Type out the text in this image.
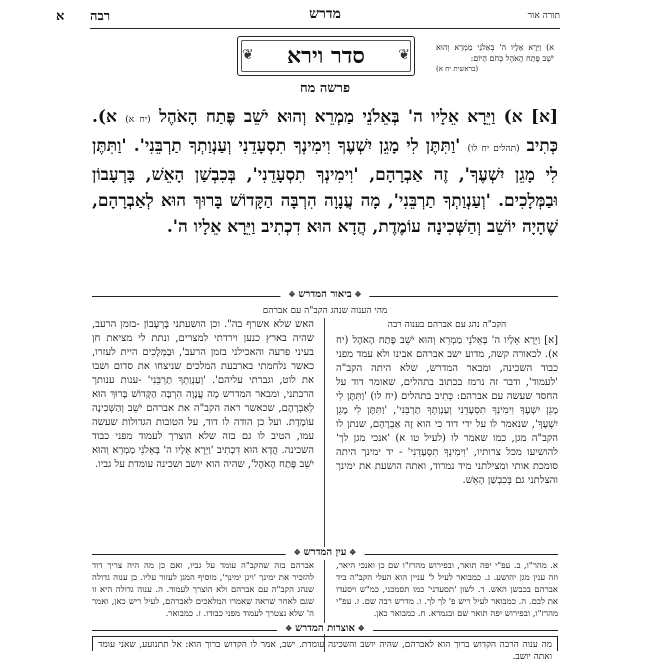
תורה אור
מדרש
רבה
א
❦
סדר וירא
❦	א) וַיֵּרָא אֵלָיו ה' בְּאֵלֹנֵי מַמְרֵא וְהוּא יֹשֵׁב פֶּתַח הָאֹהֶל כְּחֹם הַיּוֹם:
(בראשית יח א)
פרשה מח
[א] א) וַיֵּרָא אֵלָיו ה' בְּאֵלֹנֵי מַמְרֵא וְהוּא יֹשֵׁב פֶּתַח הָאֹהֶל (יח א) א). כְּתִיב (תהלים יח לו) 'וַתִּתֶּן לִי מָגֵן יִשְׁעֶךָ וִימִינְךָ תִסְעָדֵנִי וְעַנְוַתְךָ תַרְבֵּנִי'. 'וַתִּתֶּן לִי מָגֵן יִשְׁעֶךָ', זֶה אַבְרָהָם, 'וִימִינְךָ תִסְעָדֵנִי', בְּכִבְשַׁן הָאֵשׁ, בָּרְעָבוֹן וּבַמְּלָכִים. 'וְעַנְוַתְךָ תַרְבֵּנִי', מָה עֲנָוָה הִרְבָּה הַקָּדוֹשׁ בָּרוּךְ הוּא לְאַבְרָהָם, שֶׁהָיָה יוֹשֵׁב וְהַשְּׁכִינָה עוֹמֶדֶת, הֲדָא הוּא דִכְתִיב וַיֵּרָא אֵלָיו ה'.
❖ ביאור המדרש ❖
מהי הענוה שנהג הקב"ה עם אברהם
הקב"ה נהג עם אברהם בענוה רבה
[א] וַיֵּרָא אֵלָיו ה' בְּאֵלֹנֵי מַמְרֵא וְהוּא יֹשֵׁב פֶּתַח הָאֹהֶל (יח א). לכאורה קשה, מדוע ישב אברהם אבינו ולא עמד מפני כבוד השכינה, ומבאר המדרש, שלא היתה הקב"ה 'לעמוד', ודבר זה נרמז בכתוב בתהלים, שאומר דוד על החסד שעשה עם אברהם: כְּתִיב בתהלים (יח לו) 'וַתִּתֶּן לִי מָגֵן יִשְׁעֶךָ וִימִינְךָ תִסְעָדֵנִי וְעַנְוַתְךָ תַרְבֵּנִי', 'וַתִּתֶּן לִי מָגֵן יִשְׁעֶךָ', שנאמר לו על ידי דוד כי הוא זֶה אַבְרָהָם, שנתן לו הקב"ה מגן, כמו שאמר לו (לעיל טו א) 'אנכי מגן לך' להושיעו מכל צרותיו, 'וִימִינְךָ תִסְעָדֵנִי' - יד ימינך היתה סומכת אותי ומצילתני מיד נמרוד, ואתה הושעת את ימינך והצלתני גם בְּכִבְשַׁן הָאֵשׁ.
האש שלא אשרף בה". וכן הושעתני בָּרְעָבוֹן -בזמן הרעב, שהיה בארץ כנען וירדתי למצרים, ונתת לי מציאת חן בעיני פרעה והאכילני בזמן הרעב', וּבַמְּלָכִים היית לעזרו, כאשר נלחמתי בארבעת המלכים שניצחו את סדום ושבו את לוט, וגברתי עליהם'. 'וְעַנְוַתְךָ תַרְבֵּנִי' -ענות ענותך הרבתני, ומבאר המדרש מָה עֲנָוָה הִרְבָּה הַקָּדוֹשׁ בָּרוּךְ הוּא לְאַבְרָהָם, שכאשר ראה הקב"ה את אברהם יֹשֵׁב וְהַשְּׁכִינָה עוֹמֶדֶת. ועל כן הודה לו דוד, על הטובות הגדולות שעשה עמו, הטיב לו גם בזה שלא הוצרך לעמוד מפני כבוד השכינה. הֲדָא הוּא דִכְתִיב 'וַיֵּרָא אֵלָיו ה' בְּאֵלֹנֵי מַמְרֵא וְהוּא יֹשֵׁב פֶּתַח הָאֹהֶל', שהיה הוא יושב ושכינה עומדת על גביו.
❖ עין המדרש ❖
א. מהר"ו, ב. עפ"י יפה תואר, ובפירוש מהרז"ו שם כן ואנכי היאר, וזה ענין מגן יהושע. ג. כמבואר לעיל ל' עניין הוא העלי הקב"ה ביד אברהם בכבשן האש. ד. לשון 'תסעדני' כמו תסמכני, כמ"ש ויסעדו את לבם. ה. כמבואר לעיל ריש פ' לך לך. ו. מדרש רבה שם. ז. עפ"י מהרז"ו, ובפירוש יפה תואר שם ובגמרא. ח. כמבואר כאן.
אברהם בזה שהקב"ה עומד על גביו, ואם כן מה היה צריך דוד להזכיר את ימינך 'ויגן ימינך', מוסיף המגן לעזור עליו. כן ענוה גדולה שנהג הקב"ה עם אברהם ולא הוצרך לעמוד. ה. ענוה גדולה היא זו שגם לאחר שראה שאמרו המלאכים לאברהם, לעיל ריש כאן, ואמר ה' שלא נצטרך לעמוד מפני כבודו. ז. כמבואר.
❖ אוצרות המדרש ❖
מה ענוה הרבה הקדוש ברוך הוא לאברהם, שהיה יושב והשכינה עומדת. ישב, אמר לו הקדוש ברוך הוא: אל תתנועע, שאני עומד ואתה יושב.
